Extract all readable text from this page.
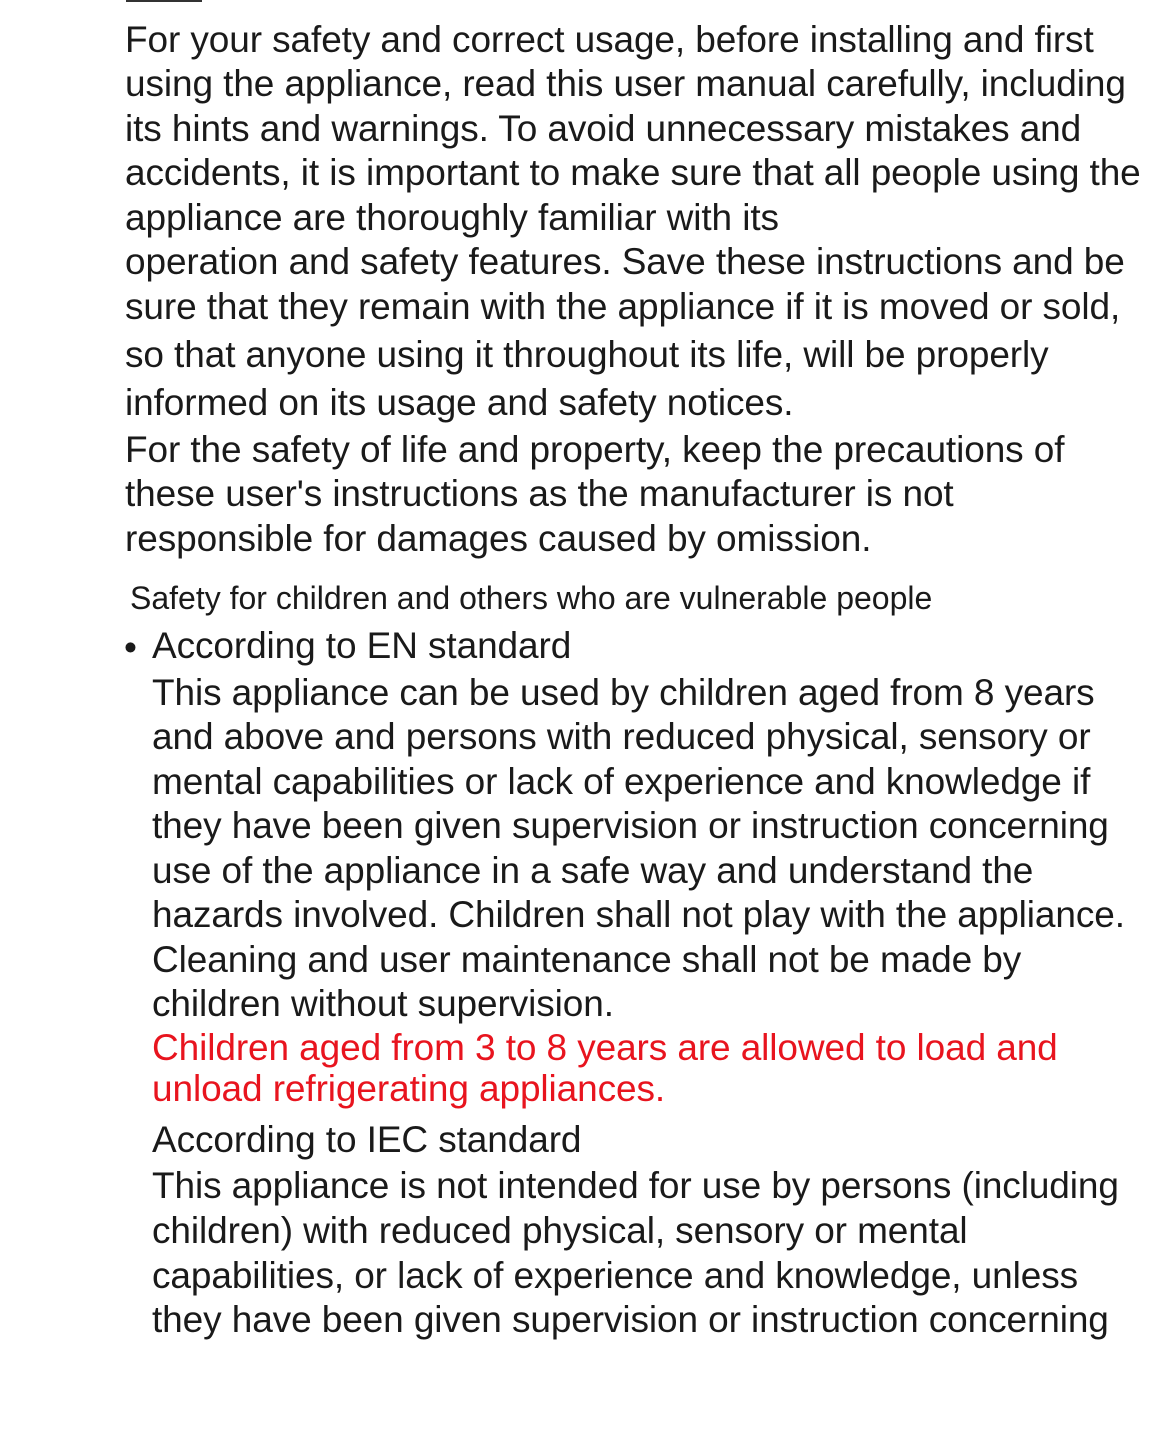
For your safety and correct usage, before installing and first
using the appliance, read this user manual carefully, including
its hints and warnings. To avoid unnecessary mistakes and
accidents, it is important to make sure that all people using the
appliance are thoroughly familiar with its
operation and safety features. Save these instructions and be
sure that they remain with the appliance if it is moved or sold,
so that anyone using it throughout its life, will be properly
informed on its usage and safety notices.
For the safety of life and property, keep the precautions of
these user's instructions as the manufacturer is not
responsible for damages caused by omission.
Safety for children and others who are vulnerable people
• According to EN standard
This appliance can be used by children aged from 8 years
and above and persons with reduced physical, sensory or
mental capabilities or lack of experience and knowledge if
they have been given supervision or instruction concerning
use of the appliance in a safe way and understand the
hazards involved. Children shall not play with the appliance.
Cleaning and user maintenance shall not be made by
children without supervision.
Children aged from 3 to 8 years are allowed to load and
unload refrigerating appliances.
According to IEC standard
This appliance is not intended for use by persons (including
children) with reduced physical, sensory or mental
capabilities, or lack of experience and knowledge, unless
they have been given supervision or instruction concerning
